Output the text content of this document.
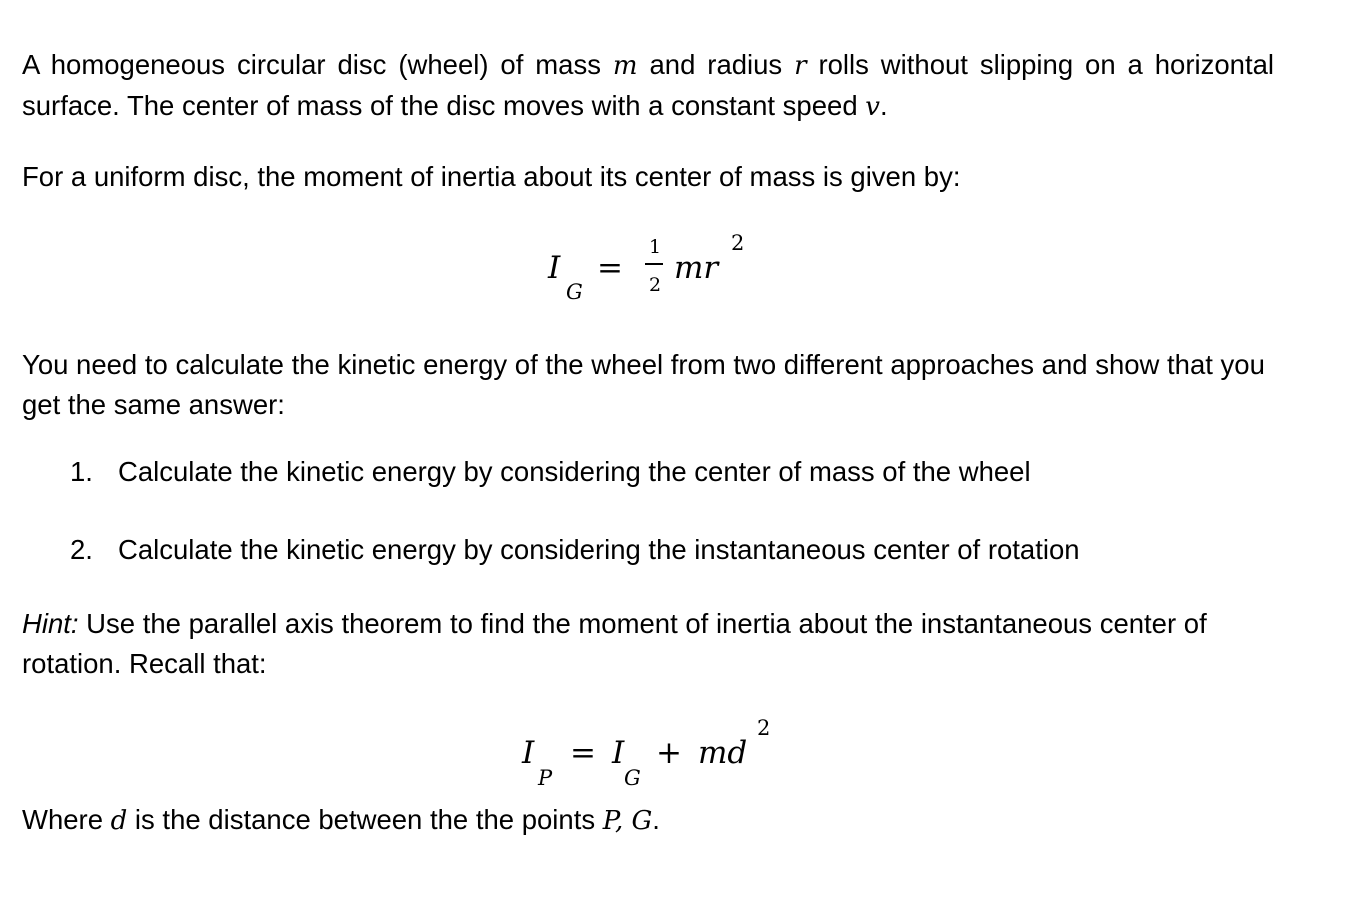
A homogeneous circular disc (wheel) of mass m and radius r rolls without slipping on a horizontal surface. The center of mass of the disc moves with a constant speed v.

For a uniform disc, the moment of inertia about its center of mass is given by:

I
G
=
1
2 mr
2

You need to calculate the kinetic energy of the wheel from two different approaches and show that you get the same answer:

1. Calculate the kinetic energy by considering the center of mass of the wheel
2. Calculate the kinetic energy by considering the instantaneous center of rotation

Hint: Use the parallel axis theorem to find the moment of inertia about the instantaneous center of rotation. Recall that:

I
P
= I
G
+ md
2

Where d is the distance between the the points P, G.
